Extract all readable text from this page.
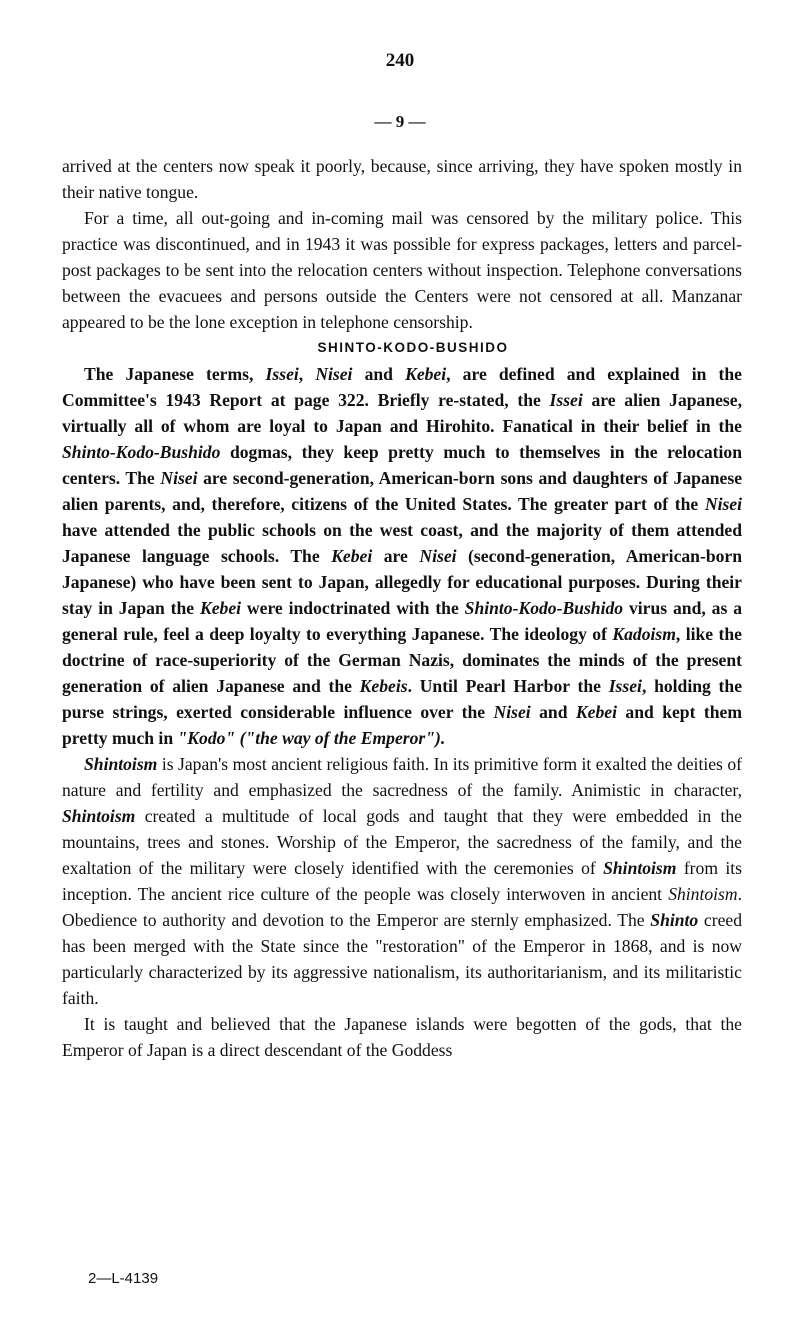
240
— 9 —

arrived at the centers now speak it poorly, because, since arriving, they have spoken mostly in their native tongue.

For a time, all out-going and in-coming mail was censored by the military police. This practice was discontinued, and in 1943 it was possible for express packages, letters and parcel-post packages to be sent into the relocation centers without inspection. Telephone conversations between the evacuees and persons outside the Centers were not censored at all. Manzanar appeared to be the lone exception in telephone censorship.

SHINTO-KODO-BUSHIDO

The Japanese terms, Issei, Nisei and Kebei, are defined and explained in the Committee's 1943 Report at page 322. Briefly re-stated, the Issei are alien Japanese, virtually all of whom are loyal to Japan and Hirohito. Fanatical in their belief in the Shinto-Kodo-Bushido dogmas, they keep pretty much to themselves in the relocation centers. The Nisei are second-generation, American-born sons and daughters of Japanese alien parents, and, therefore, citizens of the United States. The greater part of the Nisei have attended the public schools on the west coast, and the majority of them attended Japanese language schools. The Kebei are Nisei (second-generation, American-born Japanese) who have been sent to Japan, allegedly for educational purposes. During their stay in Japan the Kebei were indoctrinated with the Shinto-Kodo-Bushido virus and, as a general rule, feel a deep loyalty to everything Japanese. The ideology of Kadoism, like the doctrine of race-superiority of the German Nazis, dominates the minds of the present generation of alien Japanese and the Kebeis. Until Pearl Harbor the Issei, holding the purse strings, exerted considerable influence over the Nisei and Kebei and kept them pretty much in "Kodo" ("the way of the Emperor").

Shintoism is Japan's most ancient religious faith. In its primitive form it exalted the deities of nature and fertility and emphasized the sacredness of the family. Animistic in character, Shintoism created a multitude of local gods and taught that they were embedded in the mountains, trees and stones. Worship of the Emperor, the sacredness of the family, and the exaltation of the military were closely identified with the ceremonies of Shintoism from its inception. The ancient rice culture of the people was closely interwoven in ancient Shintoism. Obedience to authority and devotion to the Emperor are sternly emphasized. The Shinto creed has been merged with the State since the "restoration" of the Emperor in 1868, and is now particularly characterized by its aggressive nationalism, its authoritarianism, and its militaristic faith.

It is taught and believed that the Japanese islands were begotten of the gods, that the Emperor of Japan is a direct descendant of the Goddess

2—L-4139
